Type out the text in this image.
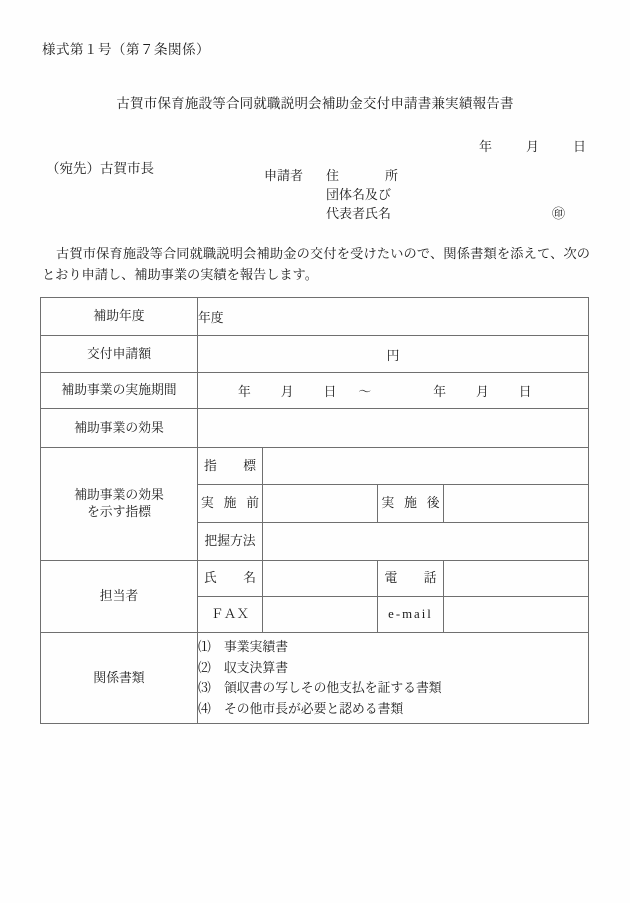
様式第１号（第７条関係）
古賀市保育施設等合同就職説明会補助金交付申請書兼実績報告書
年	月	日
（宛先）古賀市長	申請者	住	所
団体名及び
代表者氏名	㊞
古賀市保育施設等合同就職説明会補助金の交付を受けたいので、関係書類を添えて、次のとおり申請し、補助事業の実績を報告します。
補助年度	年度			
交付申請額	円			
補助事業の実施期間	年 月 日 ～ 年 月 日			
補助事業の効果				

補助事業の効果
を示す指標

指 標

	実 施 前		実 施 後	

	把握方法			
担当者	氏 名		電 話	

	ＦＡＸ		e-mail	
関係書類	⑴ 事業実績書
⑵ 収支決算書
⑶ 領収書の写しその他支払を証する書類
⑷ その他市長が必要と認める書類			
